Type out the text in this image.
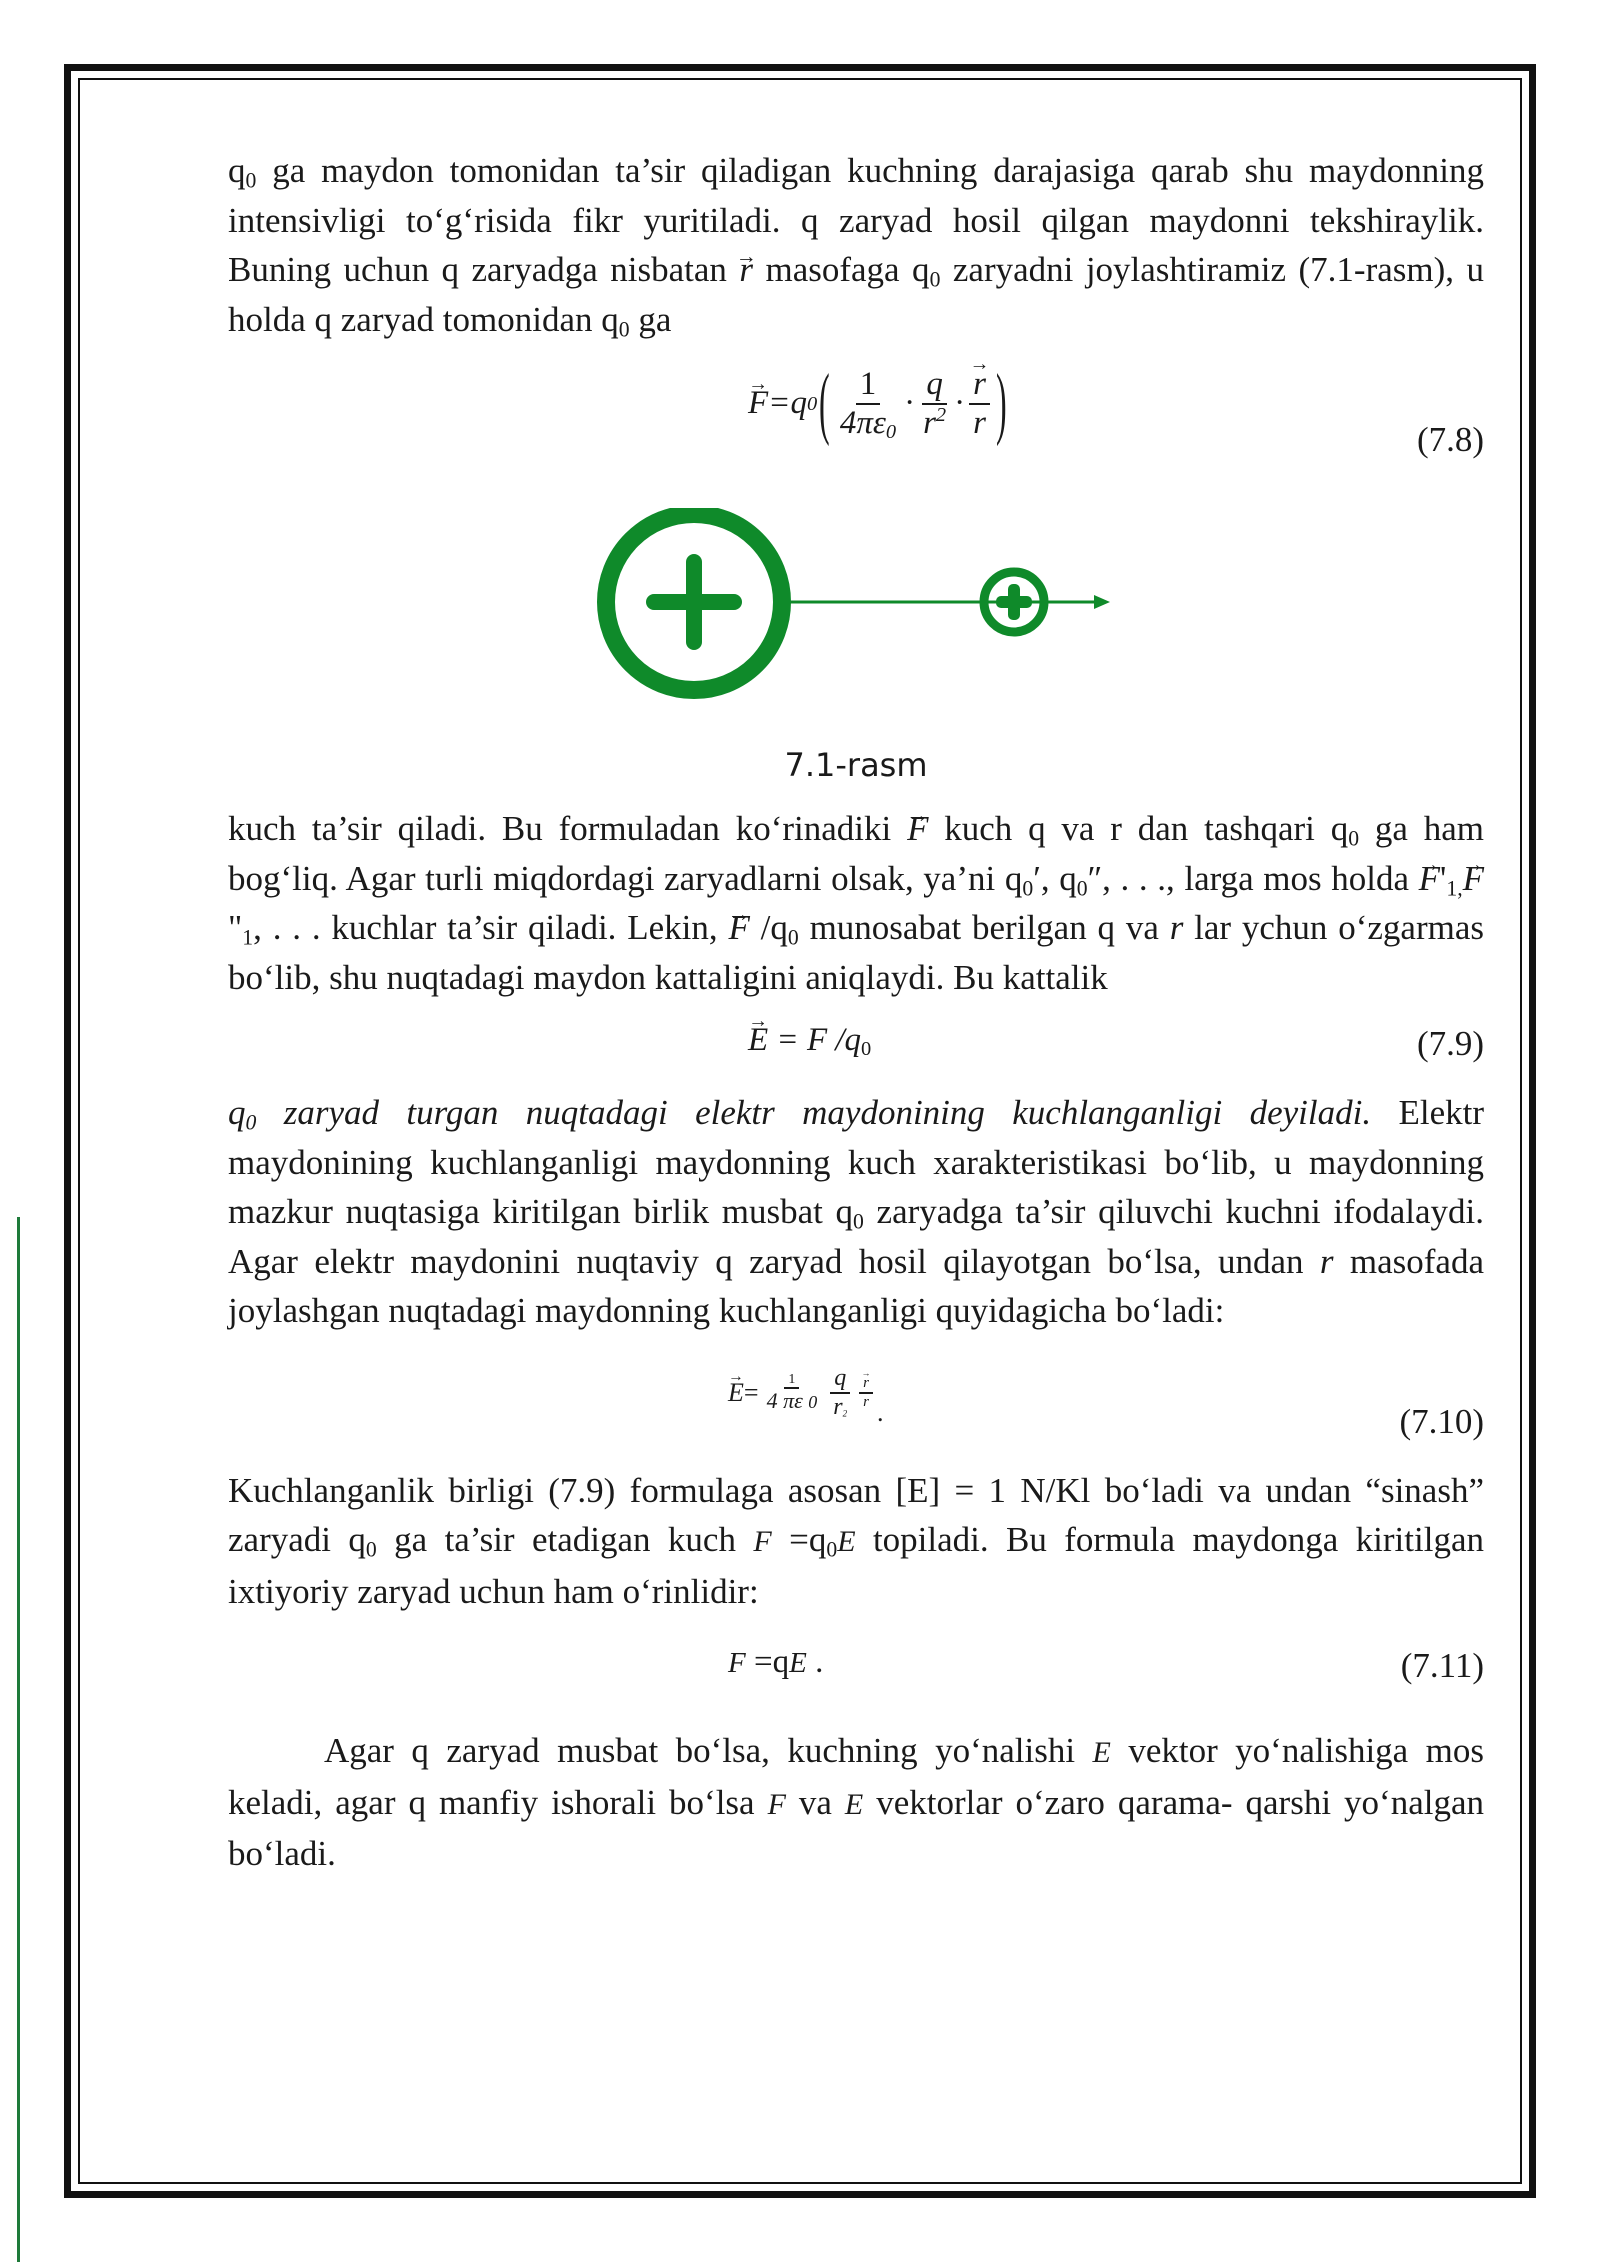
$q_0$ ga maydon tomonidan ta’sir qiladigan kuchning darajasiga qarab shu maydonning intensivligi to‘g‘risida fikr yuritiladi. q zaryad hosil qilgan maydonni tekshiraylik. Buning uchun q zaryadga nisbatan → r masofaga $q_0$ zaryadni joylashtiramiz (7.1-rasm), u holda q zaryad tomonidan $q_0$ ga

→ F =q 0 ( $\frac{1}{4\pi\varepsilon_0} \cdot \frac{q}{r^2}$ ·
→ $\frac{r}{r}$ )	(7.8)
7.1-rasm

kuch ta’sir qiladi. Bu formuladan ko‘rinadiki → F kuch q va r dan tashqari $q_0$ ga ham bog‘liq. Agar turli miqdordagi zaryadlarni olsak, ya’ni $q_0'$, $q_0''$, . . ., larga mos holda → $F'_{1,}\to$ $F"_1$, . . . kuchlar ta’sir qiladi. Lekin, → F $/q_0$ munosabat berilgan q va r lar ychun o‘zgarmas bo‘lib, shu nuqtadagi maydon kattaligini aniqlaydi. Bu kattalik

→ E = F $/q_0$	(7.9)

$q_0$ zaryad turgan nuqtadagi elektr maydonining kuchlanganligi deyiladi. Elektr maydonining kuchlanganligi maydonning kuch xarakteristikasi bo‘lib, u maydonning mazkur nuqtasiga kiritilgan birlik musbat $q_0$ zaryadga ta’sir qiluvchi kuchni ifodalaydi. Agar elektr maydonini nuqtaviy q zaryad hosil qilayotgan bo‘lsa, undan r masofada joylashgan nuqtadagi maydonning kuchlanganligi quyidagicha bo‘ladi:

→ $E = \frac{1}{4 \pi\varepsilon 0} \frac{q}{r_2}$
→ $\frac{r}{r}$
.	(7.10)

Kuchlanganlik birligi (7.9) formulaga asosan [E] = 1 N/Kl bo‘ladi va undan “sinash” zaryadi $q_0$ ga ta’sir etadigan kuch $F =q_0E$ topiladi. Bu formula maydonga kiritilgan ixtiyoriy zaryad uchun ham o‘rinlidir:

F =qE .	(7.11)

Agar q zaryad musbat bo‘lsa, kuchning yo‘nalishi E vektor yo‘nalishiga mos keladi, agar q manfiy ishorali bo‘lsa F va E vektorlar o‘zaro qarama- qarshi yo‘nalgan bo‘ladi.
